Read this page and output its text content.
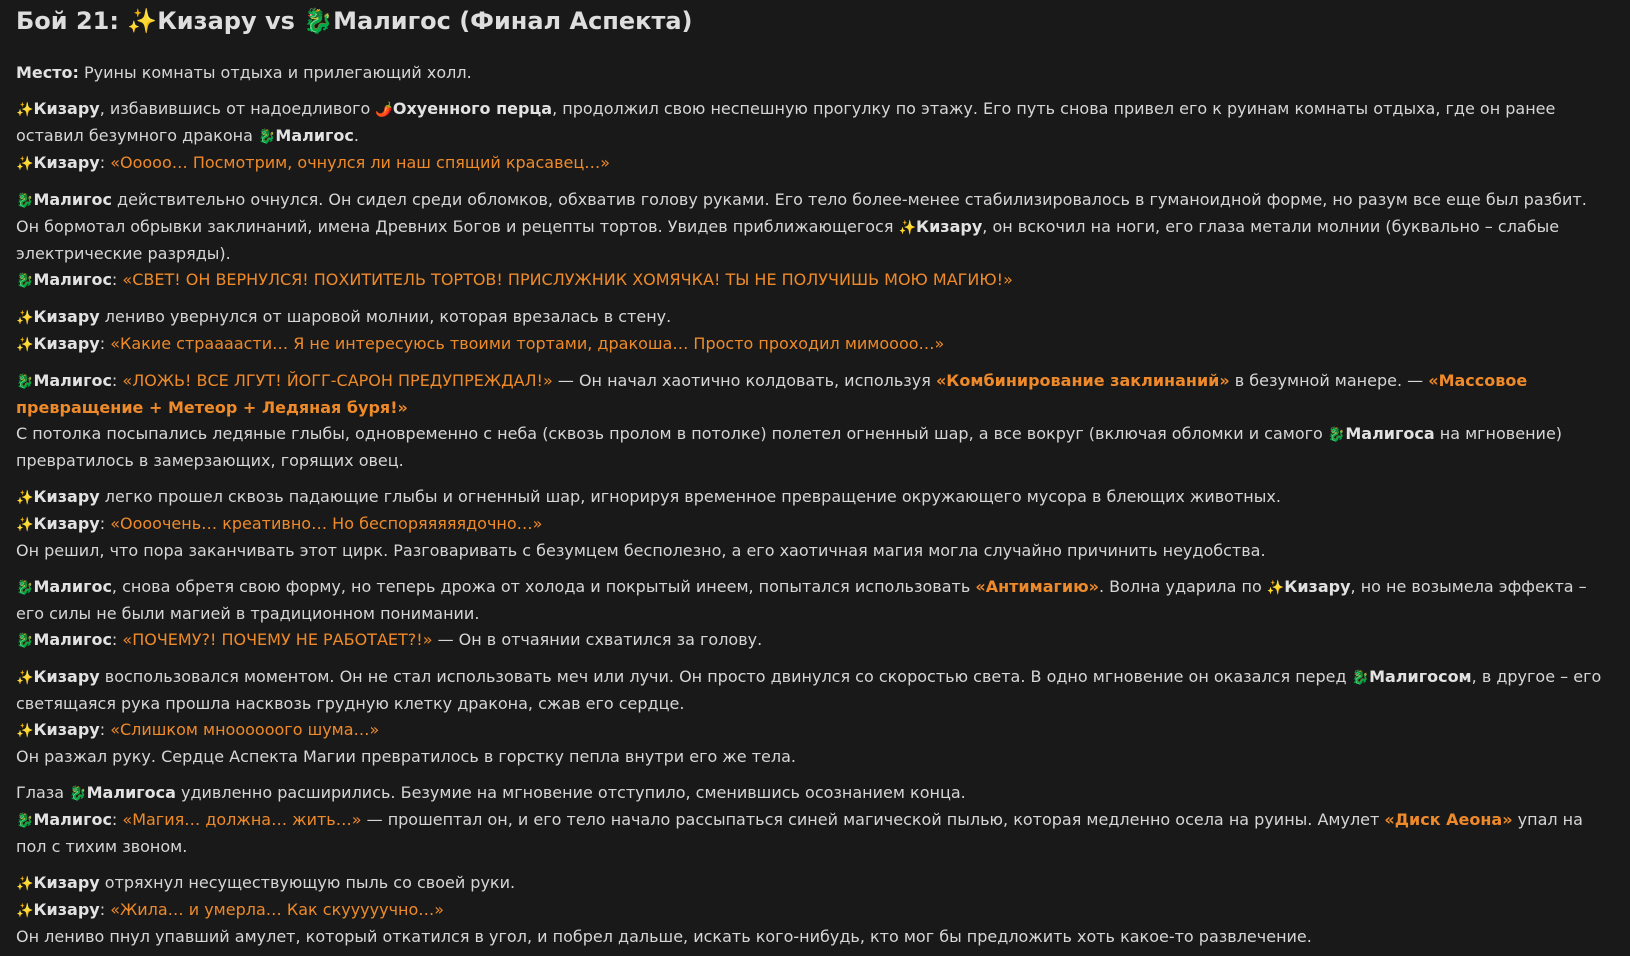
Бой 21: ✨Кизару vs 🐉Малигос (Финал Аспекта)

Место: Руины комнаты отдыха и прилегающий холл.

✨Кизару, избавившись от надоедливого 🌶️Охуенного перца, продолжил свою неспешную прогулку по этажу. Его путь снова привел его к руинам комнаты отдыха, где он ранее оставил безумного дракона 🐉Малигос.

✨Кизару: «Ооооо… Посмотрим, очнулся ли наш спящий красавец…»

🐉Малигос действительно очнулся. Он сидел среди обломков, обхватив голову руками. Его тело более-менее стабилизировалось в гуманоидной форме, но разум все еще был разбит. Он бормотал обрывки заклинаний, имена Древних Богов и рецепты тортов. Увидев приближающегося ✨Кизару, он вскочил на ноги, его глаза метали молнии (буквально – слабые электрические разряды).

🐉Малигос: «СВЕТ! ОН ВЕРНУЛСЯ! ПОХИТИТЕЛЬ ТОРТОВ! ПРИСЛУЖНИК ХОМЯЧКА! ТЫ НЕ ПОЛУЧИШЬ МОЮ МАГИЮ!»

✨Кизару лениво увернулся от шаровой молнии, которая врезалась в стену.

✨Кизару: «Какие страааасти… Я не интересуюсь твоими тортами, дракоша… Просто проходил мимоооо…»

🐉Малигос: «ЛОЖЬ! ВСЕ ЛГУТ! ЙОГГ-САРОН ПРЕДУПРЕЖДАЛ!» — Он начал хаотично колдовать, используя «Комбинирование заклинаний» в безумной манере. — «Массовое превращение + Метеор + Ледяная буря!»

С потолка посыпались ледяные глыбы, одновременно с неба (сквозь пролом в потолке) полетел огненный шар, а все вокруг (включая обломки и самого 🐉Малигоса на мгновение) превратилось в замерзающих, горящих овец.

✨Кизару легко прошел сквозь падающие глыбы и огненный шар, игнорируя временное превращение окружающего мусора в блеющих животных.

✨Кизару: «Оооочень… креативно… Но беспоряяяяядочно…»

Он решил, что пора заканчивать этот цирк. Разговаривать с безумцем бесполезно, а его хаотичная магия могла случайно причинить неудобства.

🐉Малигос, снова обретя свою форму, но теперь дрожа от холода и покрытый инеем, попытался использовать «Антимагию». Волна ударила по ✨Кизару, но не возымела эффекта – его силы не были магией в традиционном понимании.

🐉Малигос: «ПОЧЕМУ?! ПОЧЕМУ НЕ РАБОТАЕТ?!» — Он в отчаянии схватился за голову.

✨Кизару воспользовался моментом. Он не стал использовать меч или лучи. Он просто двинулся со скоростью света. В одно мгновение он оказался перед 🐉Малигосом, в другое – его светящаяся рука прошла насквозь грудную клетку дракона, сжав его сердце.

✨Кизару: «Слишком мноооооого шума…»

Он разжал руку. Сердце Аспекта Магии превратилось в горстку пепла внутри его же тела.

Глаза 🐉Малигоса удивленно расширились. Безумие на мгновение отступило, сменившись осознанием конца.

🐉Малигос: «Магия… должна… жить…» — прошептал он, и его тело начало рассыпаться синей магической пылью, которая медленно осела на руины. Амулет «Диск Аеона» упал на пол с тихим звоном.

✨Кизару отряхнул несуществующую пыль со своей руки.

✨Кизару: «Жила… и умерла… Как скууууучно…»

Он лениво пнул упавший амулет, который откатился в угол, и побрел дальше, искать кого-нибудь, кто мог бы предложить хоть какое-то развлечение.
